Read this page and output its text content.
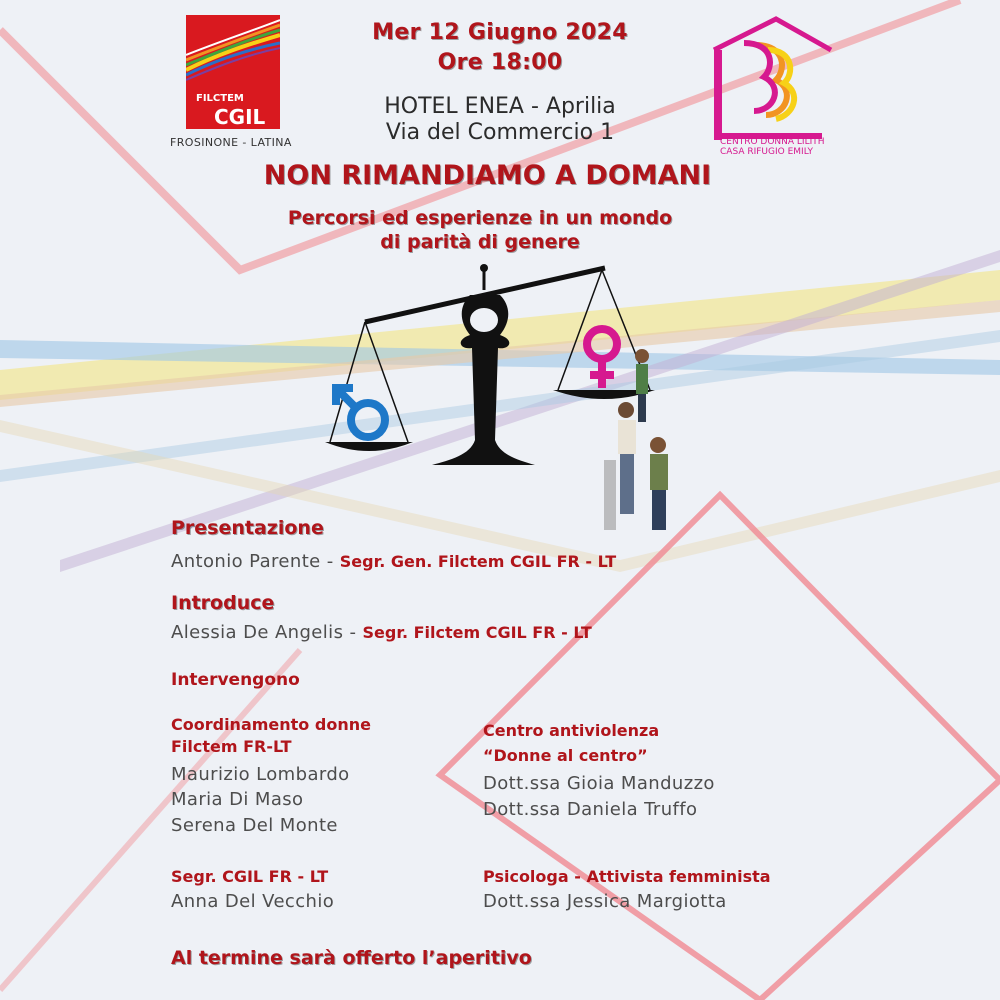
FILCTEM
CGIL
FROSINONE - LATINA	CENTRO DONNA LILITH
CASA RIFUGIO EMILY
Mer 12 Giugno 2024
Ore 18:00
HOTEL ENEA - Aprilia
Via del Commercio 1
NON RIMANDIAMO A DOMANI
Percorsi ed esperienze in un mondo
di parità di genere
Presentazione
Antonio Parente - Segr. Gen. Filctem CGIL FR - LT
Introduce
Alessia De Angelis - Segr. Filctem CGIL FR - LT
Intervengono
Coordinamento donne
Filctem FR-LT
Maurizio Lombardo
Maria Di Maso
Serena Del Monte
Segr. CGIL FR - LT
Anna Del Vecchio
Centro antiviolenza
“Donne al centro”
Dott.ssa Gioia Manduzzo
Dott.ssa Daniela Truffo
Psicologa - Attivista femminista
Dott.ssa Jessica Margiotta
Al termine sarà offerto l’aperitivo
